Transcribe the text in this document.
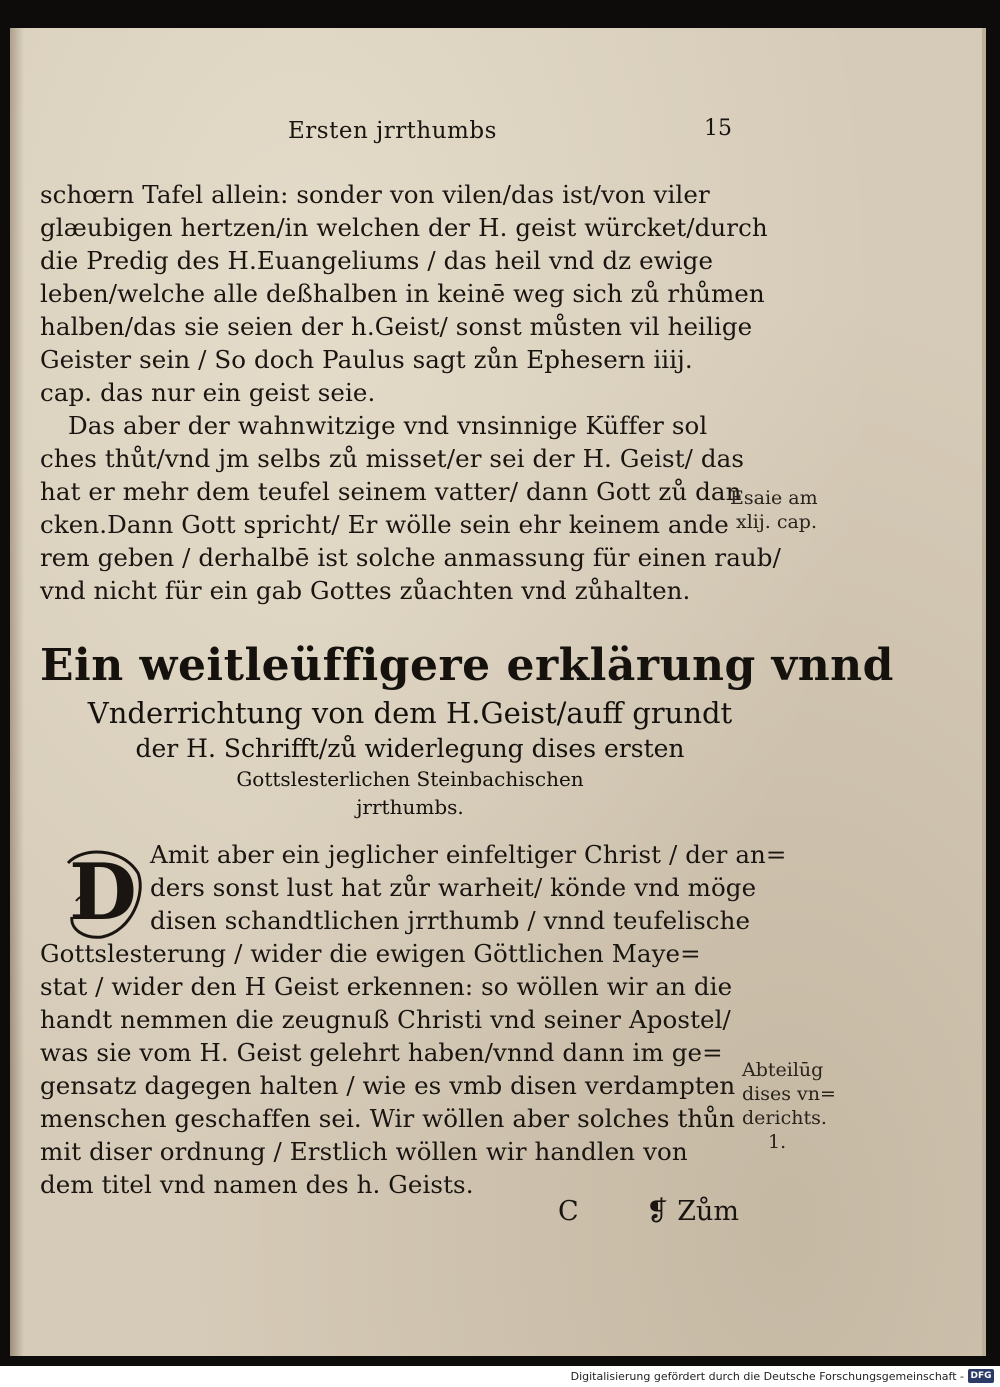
Ersten jrrthumbs	15
schœrn Tafel allein: sonder von vilen/das ist/von viler
glæubigen hertzen/in welchen der H. geist würcket/durch
die Predig des H.Euangeliums / das heil vnd dz ewige
leben/welche alle deßhalben in keinē weg sich zů rhůmen
halben/das sie seien der h.Geist/ sonst můsten vil heilige
Geister sein / So doch Paulus sagt zůn Ephesern iiij.
cap. das nur ein geist seie.
Das aber der wahnwitzige vnd vnsinnige Küffer sol
ches thůt/vnd jm selbs zů misset/er sei der H. Geist/ das
hat er mehr dem teufel seinem vatter/ dann Gott zů dan
cken.Dann Gott spricht/ Er wölle sein ehr keinem ande
rem geben / derhalbē ist solche anmassung für einen raub/
vnd nicht für ein gab Gottes zůachten vnd zůhalten.
Esaie am
xlij. cap.
Ein weitleüffigere erklärung vnnd
Vnderrichtung von dem H.Geist/auff grundt
der H. Schrifft/zů widerlegung dises ersten
Gottslesterlichen Steinbachischen
jrrthumbs.
D Amit aber ein jeglicher einfeltiger Christ / der an=
ders sonst lust hat zůr warheit/ könde vnd möge
disen schandtlichen jrrthumb / vnnd teufelische
Gottslesterung / wider die ewigen Göttlichen Maye=
stat / wider den H Geist erkennen: so wöllen wir an die
handt nemmen die zeugnuß Christi vnd seiner Apostel/
was sie vom H. Geist gelehrt haben/vnnd dann im ge=
gensatz dagegen halten / wie es vmb disen verdampten
menschen geschaffen sei. Wir wöllen aber solches thůn
mit diser ordnung / Erstlich wöllen wir handlen von
dem titel vnd namen des h. Geists.
Abteilūg
dises vn=
derichts.
1.
C ❡ Zům
Digitalisierung gefördert durch die Deutsche Forschungsgemeinschaft - DFG
